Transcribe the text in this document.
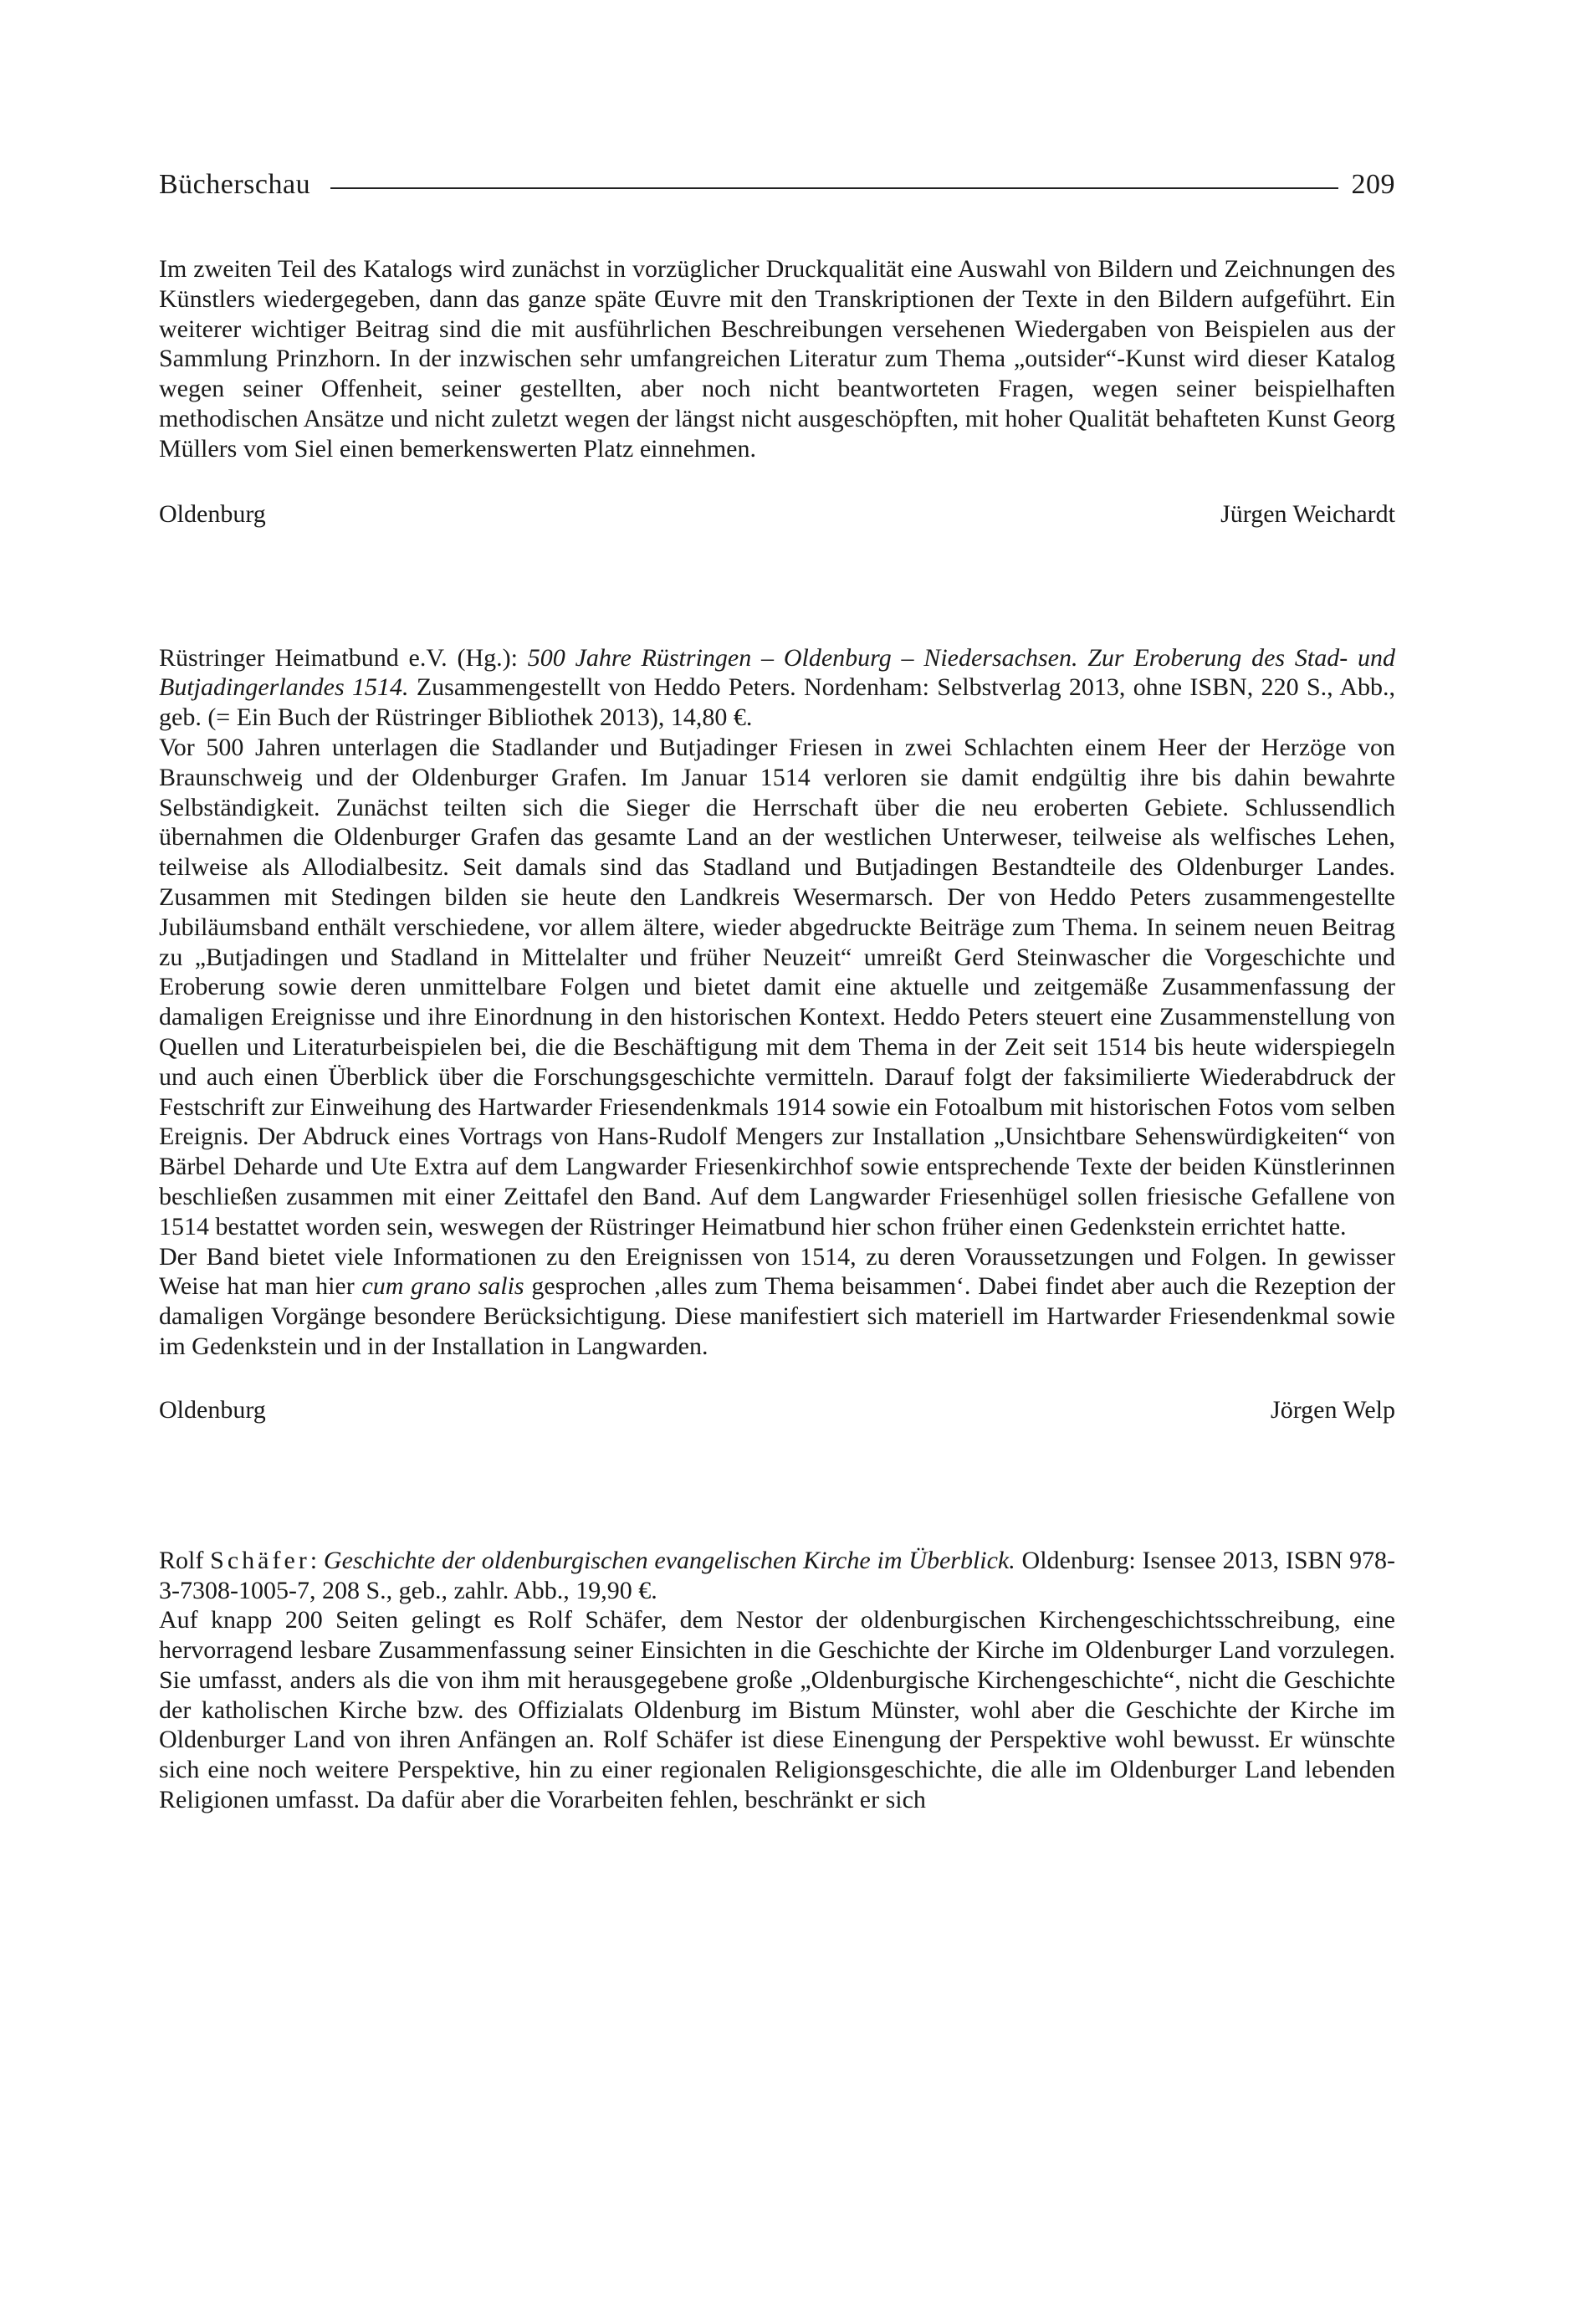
Bücherschau	209

Im zweiten Teil des Katalogs wird zunächst in vorzüglicher Druckqualität eine Auswahl von Bildern und Zeichnungen des Künstlers wiedergegeben, dann das ganze späte Œuvre mit den Transkriptionen der Texte in den Bildern aufgeführt. Ein weiterer wichtiger Beitrag sind die mit ausführlichen Beschreibungen versehenen Wiedergaben von Beispielen aus der Sammlung Prinzhorn. In der inzwischen sehr umfangreichen Literatur zum Thema „outsider“-Kunst wird dieser Katalog wegen seiner Offenheit, seiner gestellten, aber noch nicht beantworteten Fragen, wegen seiner beispielhaften methodischen Ansätze und nicht zuletzt wegen der längst nicht ausgeschöpften, mit hoher Qualität behafteten Kunst Georg Müllers vom Siel einen bemerkenswerten Platz einnehmen.

Oldenburg	Jürgen Weichardt

Rüstringer Heimatbund e.V. (Hg.): 500 Jahre Rüstringen – Oldenburg – Niedersachsen. Zur Eroberung des Stad- und Butjadingerlandes 1514. Zusammengestellt von Heddo Peters. Nordenham: Selbstverlag 2013, ohne ISBN, 220 S., Abb., geb. (= Ein Buch der Rüstringer Bibliothek 2013), 14,80 €.

Vor 500 Jahren unterlagen die Stadlander und Butjadinger Friesen in zwei Schlachten einem Heer der Herzöge von Braunschweig und der Oldenburger Grafen. Im Januar 1514 verloren sie damit endgültig ihre bis dahin bewahrte Selbständigkeit. Zunächst teilten sich die Sieger die Herrschaft über die neu eroberten Gebiete. Schlussendlich übernahmen die Oldenburger Grafen das gesamte Land an der westlichen Unterweser, teilweise als welfisches Lehen, teilweise als Allodialbesitz. Seit damals sind das Stadland und Butjadingen Bestandteile des Oldenburger Landes. Zusammen mit Stedingen bilden sie heute den Landkreis Wesermarsch. Der von Heddo Peters zusammengestellte Jubiläumsband enthält verschiedene, vor allem ältere, wieder abgedruckte Beiträge zum Thema. In seinem neuen Beitrag zu „Butjadingen und Stadland in Mittelalter und früher Neuzeit“ umreißt Gerd Steinwascher die Vorgeschichte und Eroberung sowie deren unmittelbare Folgen und bietet damit eine aktuelle und zeitgemäße Zusammenfassung der damaligen Ereignisse und ihre Einordnung in den historischen Kontext. Heddo Peters steuert eine Zusammenstellung von Quellen und Literaturbeispielen bei, die die Beschäftigung mit dem Thema in der Zeit seit 1514 bis heute widerspiegeln und auch einen Überblick über die Forschungsgeschichte vermitteln. Darauf folgt der faksimilierte Wiederabdruck der Festschrift zur Einweihung des Hartwarder Friesendenkmals 1914 sowie ein Fotoalbum mit historischen Fotos vom selben Ereignis. Der Abdruck eines Vortrags von Hans-Rudolf Mengers zur Installation „Unsichtbare Sehenswürdigkeiten“ von Bärbel Deharde und Ute Extra auf dem Langwarder Friesenkirchhof sowie entsprechende Texte der beiden Künstlerinnen beschließen zusammen mit einer Zeittafel den Band. Auf dem Langwarder Friesenhügel sollen friesische Gefallene von 1514 bestattet worden sein, weswegen der Rüstringer Heimatbund hier schon früher einen Gedenkstein errichtet hatte.

Der Band bietet viele Informationen zu den Ereignissen von 1514, zu deren Voraussetzungen und Folgen. In gewisser Weise hat man hier cum grano salis gesprochen ‚alles zum Thema beisammen‘. Dabei findet aber auch die Rezeption der damaligen Vorgänge besondere Berücksichtigung. Diese manifestiert sich materiell im Hartwarder Friesendenkmal sowie im Gedenkstein und in der Installation in Langwarden.

Oldenburg	Jörgen Welp

Rolf Schäfer: Geschichte der oldenburgischen evangelischen Kirche im Überblick. Oldenburg: Isensee 2013, ISBN 978-3-7308-1005-7, 208 S., geb., zahlr. Abb., 19,90 €.

Auf knapp 200 Seiten gelingt es Rolf Schäfer, dem Nestor der oldenburgischen Kirchengeschichtsschreibung, eine hervorragend lesbare Zusammenfassung seiner Einsichten in die Geschichte der Kirche im Oldenburger Land vorzulegen. Sie umfasst, anders als die von ihm mit herausgegebene große „Oldenburgische Kirchengeschichte“, nicht die Geschichte der katholischen Kirche bzw. des Offizialats Oldenburg im Bistum Münster, wohl aber die Geschichte der Kirche im Oldenburger Land von ihren Anfängen an. Rolf Schäfer ist diese Einengung der Perspektive wohl bewusst. Er wünschte sich eine noch weitere Perspektive, hin zu einer regionalen Religionsgeschichte, die alle im Oldenburger Land lebenden Religionen umfasst. Da dafür aber die Vorarbeiten fehlen, beschränkt er sich
